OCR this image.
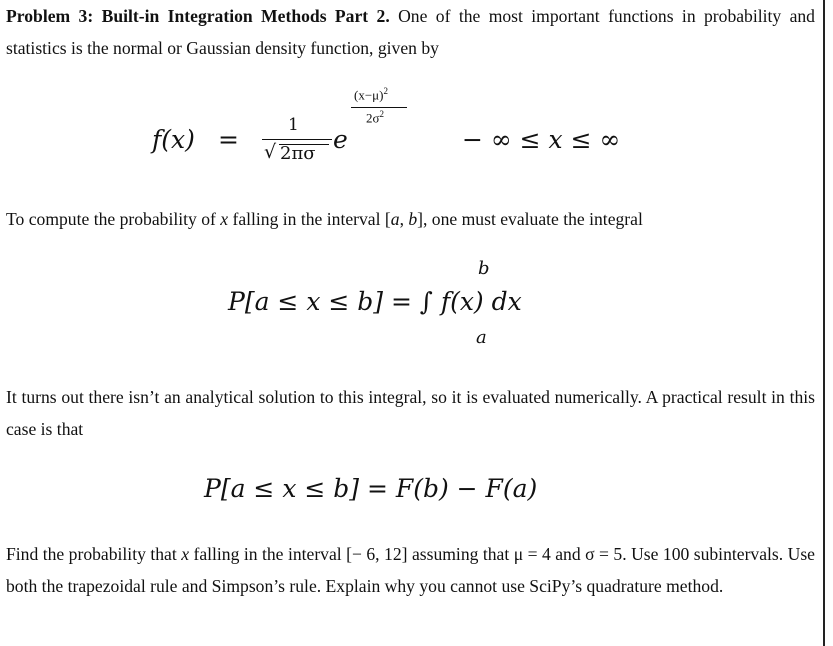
Problem 3: Built-in Integration Methods Part 2. One of the most important functions in probability and statistics is the normal or Gaussian density function, given by
f(x) =	1
√ 2πσ e
$(x-\mu)^2$
$2\sigma^2$
− ∞ ≤ x ≤ ∞
To compute the probability of x falling in the interval [a, b], one must evaluate the integral
b
P[a ≤ x ≤ b] = ∫ f(x) dx
a
It turns out there isn’t an analytical solution to this integral, so it is evaluated numerically. A practical result in this case is that
P[a ≤ x ≤ b] = F(b) − F(a)
Find the probability that x falling in the interval [− 6, 12] assuming that μ = 4 and σ = 5. Use 100 subintervals. Use both the trapezoidal rule and Simpson’s rule. Explain why you cannot use SciPy’s quadrature method.
